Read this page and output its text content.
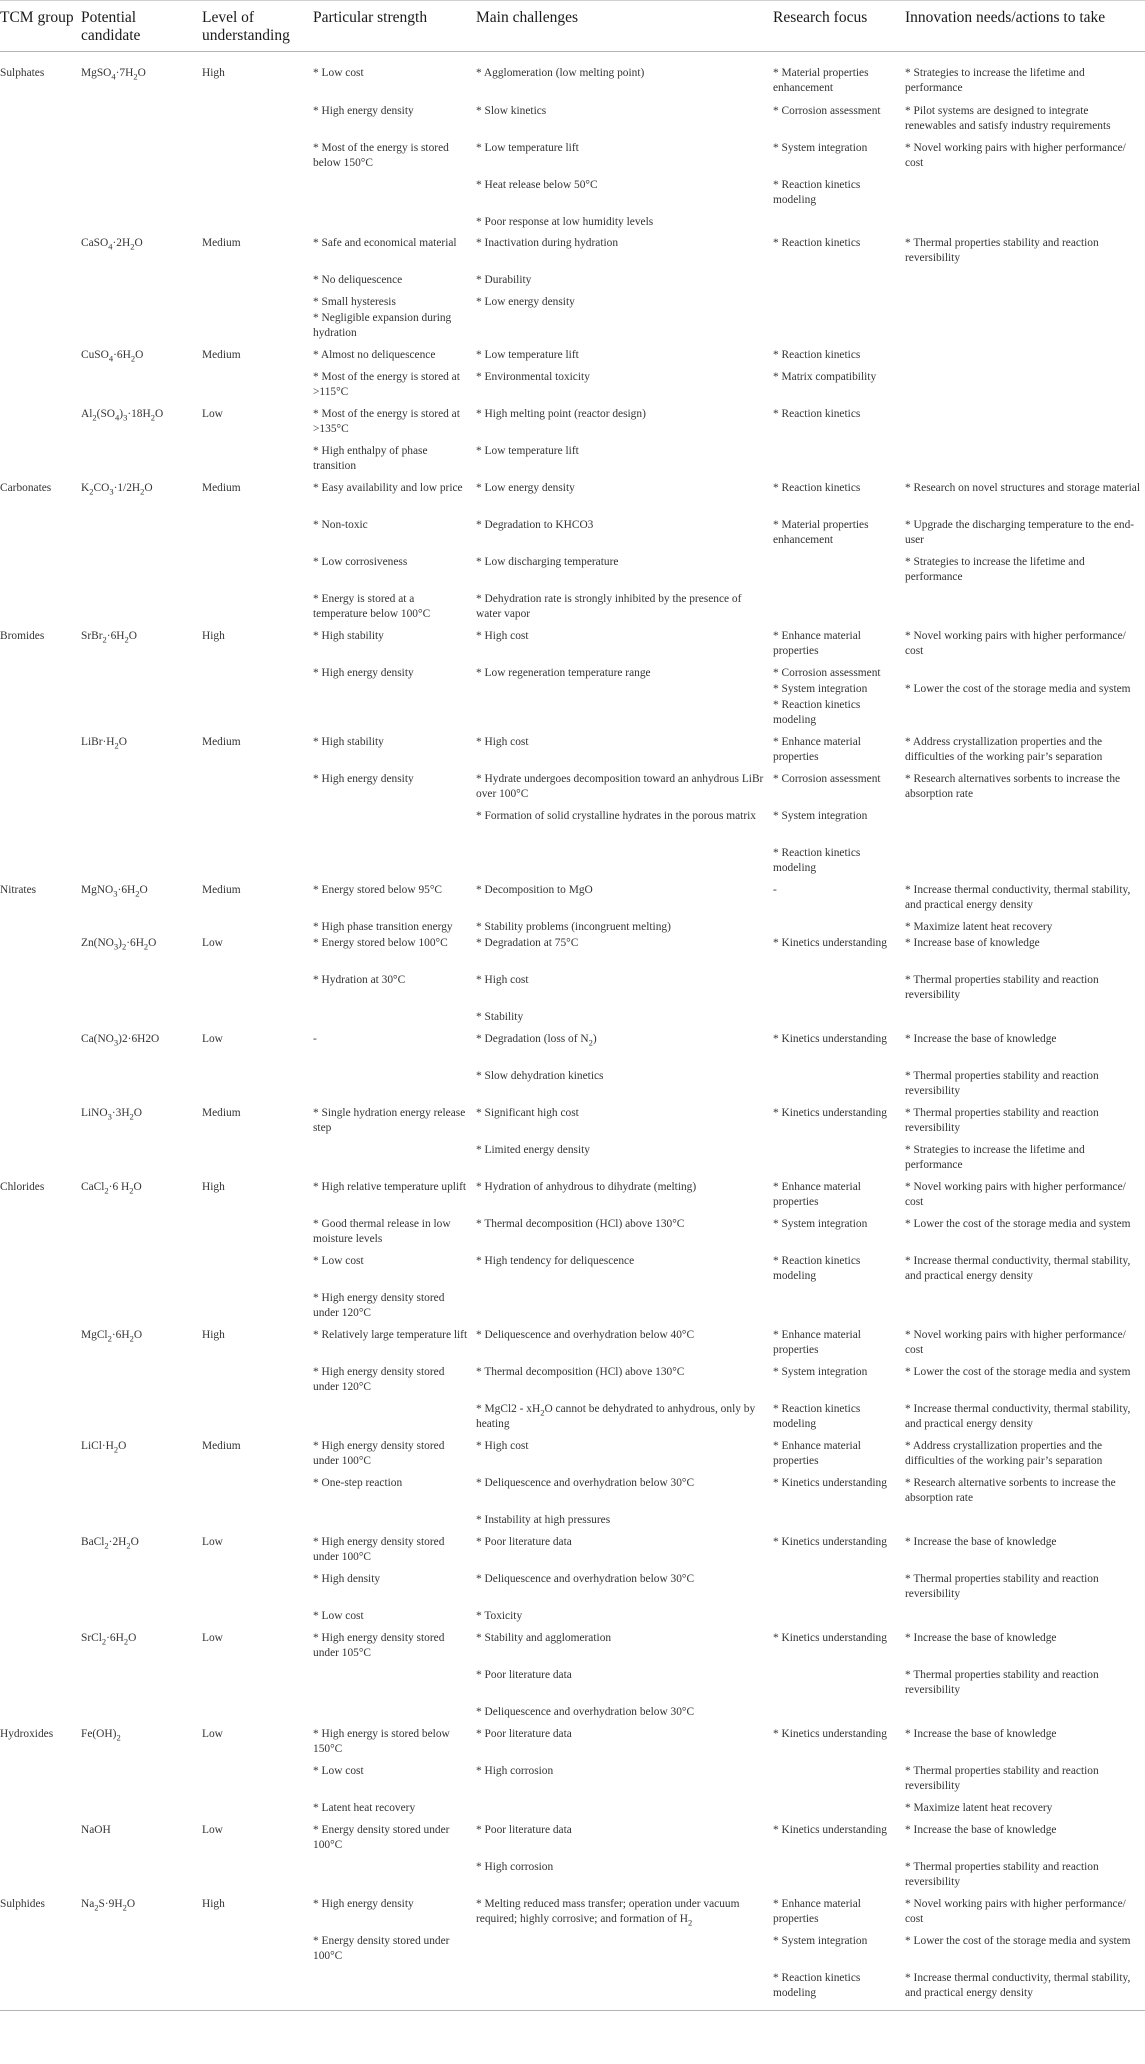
TCM group	Potential candidate	Level of understanding	Particular strength	Main challenges	Research focus	Innovation needs/actions to take
Sulphates	$MgSO_4\cdot 7H_2O$	High	* Low cost	* Agglomeration (low melting point)	* Material properties enhancement	* Strategies to increase the lifetime and performance
			* High energy density	* Slow kinetics	* Corrosion assessment	* Pilot systems are designed to integrate renewables and satisfy industry requirements
			* Most of the energy is stored below 150°C	* Low temperature lift	* System integration	* Novel working pairs with higher performance/ cost
				* Heat release below 50°C	* Reaction kinetics modeling	
				* Poor response at low humidity levels		
	$CaSO_4\cdot 2H_2O$	Medium	* Safe and economical material	* Inactivation during hydration	* Reaction kinetics	* Thermal properties stability and reaction reversibility
			* No deliquescence	* Durability		
			* Small hysteresis	* Low energy density		
			* Negligible expansion during hydration			
	$CuSO_4\cdot 6H_2O$	Medium	* Almost no deliquescence	* Low temperature lift	* Reaction kinetics	
			* Most of the energy is stored at >115°C	* Environmental toxicity	* Matrix compatibility	
	$Al_2(SO_4)_3\cdot 18H_2O$	Low	* Most of the energy is stored at >135°C	* High melting point (reactor design)	* Reaction kinetics	
			* High enthalpy of phase transition	* Low temperature lift		
Carbonates	$K_2CO_3\cdot 1/2H_2O$	Medium	* Easy availability and low price	* Low energy density	* Reaction kinetics	* Research on novel structures and storage material
			* Non-toxic	* Degradation to KHCO3	* Material properties enhancement	* Upgrade the discharging temperature to the end-user
			* Low corrosiveness	* Low discharging temperature		* Strategies to increase the lifetime and performance
			* Energy is stored at a temperature below 100°C	* Dehydration rate is strongly inhibited by the presence of water vapor		
Bromides	$SrBr_2\cdot 6H_2O$	High	* High stability	* High cost	* Enhance material properties	* Novel working pairs with higher performance/ cost
			* High energy density	* Low regeneration temperature range	* Corrosion assessment	
					* System integration	* Lower the cost of the storage media and system
					* Reaction kinetics modeling	
	$LiBr\cdot H_2O$	Medium	* High stability	* High cost	* Enhance material properties	* Address crystallization properties and the difficulties of the working pair’s separation
			* High energy density	* Hydrate undergoes decomposition toward an anhydrous LiBr over 100°C	* Corrosion assessment	* Research alternatives sorbents to increase the absorption rate
				* Formation of solid crystalline hydrates in the porous matrix	* System integration	
					* Reaction kinetics modeling	
Nitrates	$MgNO_3\cdot 6H_2O$	Medium	* Energy stored below 95°C	* Decomposition to MgO	-	* Increase thermal conductivity, thermal stability, and practical energy density
			* High phase transition energy	* Stability problems (incongruent melting)		* Maximize latent heat recovery
	$Zn(NO_3)_2\cdot 6H_2O$	Low	* Energy stored below 100°C	* Degradation at 75°C	* Kinetics understanding	* Increase base of knowledge
			* Hydration at 30°C	* High cost		* Thermal properties stability and reaction reversibility
				* Stability		
	$Ca(NO_3)2\cdot 6H2O$	Low	-	* Degradation (loss of $N_2$)	* Kinetics understanding	* Increase the base of knowledge
				* Slow dehydration kinetics		* Thermal properties stability and reaction reversibility
	$LiNO_3\cdot 3H_2O$	Medium	* Single hydration energy release step	* Significant high cost	* Kinetics understanding	* Thermal properties stability and reaction reversibility
				* Limited energy density		* Strategies to increase the lifetime and performance
Chlorides	CaCl$_2$·6 $H_2O$	High	* High relative temperature uplift	* Hydration of anhydrous to dihydrate (melting)	* Enhance material properties	* Novel working pairs with higher performance/ cost
			* Good thermal release in low moisture levels	* Thermal decomposition (HCl) above 130°C	* System integration	* Lower the cost of the storage media and system
			* Low cost	* High tendency for deliquescence	* Reaction kinetics modeling	* Increase thermal conductivity, thermal stability, and practical energy density
			* High energy density stored under 120°C			
	$MgCl_2\cdot 6H_2O$	High	* Relatively large temperature lift	* Deliquescence and overhydration below 40°C	* Enhance material properties	* Novel working pairs with higher performance/ cost
			* High energy density stored under 120°C	* Thermal decomposition (HCl) above 130°C	* System integration	* Lower the cost of the storage media and system
				* MgCl2 - $xH_2O$ cannot be dehydrated to anhydrous, only by heating	* Reaction kinetics modeling	* Increase thermal conductivity, thermal stability, and practical energy density
	$LiCl\cdot H_2O$	Medium	* High energy density stored under 100°C	* High cost	* Enhance material properties	* Address crystallization properties and the difficulties of the working pair’s separation
			* One-step reaction	* Deliquescence and overhydration below 30°C	* Kinetics understanding	* Research alternative sorbents to increase the absorption rate
				* Instability at high pressures		
	$BaCl_2\cdot 2H_2O$	Low	* High energy density stored under 100°C	* Poor literature data	* Kinetics understanding	* Increase the base of knowledge
			* High density	* Deliquescence and overhydration below 30°C		* Thermal properties stability and reaction reversibility
			* Low cost	* Toxicity		
	$SrCl_2\cdot 6H_2O$	Low	* High energy density stored under 105°C	* Stability and agglomeration	* Kinetics understanding	* Increase the base of knowledge
				* Poor literature data		* Thermal properties stability and reaction reversibility
				* Deliquescence and overhydration below 30°C		
Hydroxides	$Fe(OH)_2$	Low	* High energy is stored below 150°C	* Poor literature data	* Kinetics understanding	* Increase the base of knowledge
			* Low cost	* High corrosion		* Thermal properties stability and reaction reversibility
			* Latent heat recovery			* Maximize latent heat recovery
	NaOH	Low	* Energy density stored under 100°C	* Poor literature data	* Kinetics understanding	* Increase the base of knowledge
				* High corrosion		* Thermal properties stability and reaction reversibility
Sulphides	$Na_2S\cdot 9H_2O$	High	* High energy density	* Melting reduced mass transfer; operation under vacuum required; highly corrosive; and formation of $H_2$	* Enhance material properties	* Novel working pairs with higher performance/ cost
			* Energy density stored under 100°C		* System integration	* Lower the cost of the storage media and system
					* Reaction kinetics modeling	* Increase thermal conductivity, thermal stability, and practical energy density
